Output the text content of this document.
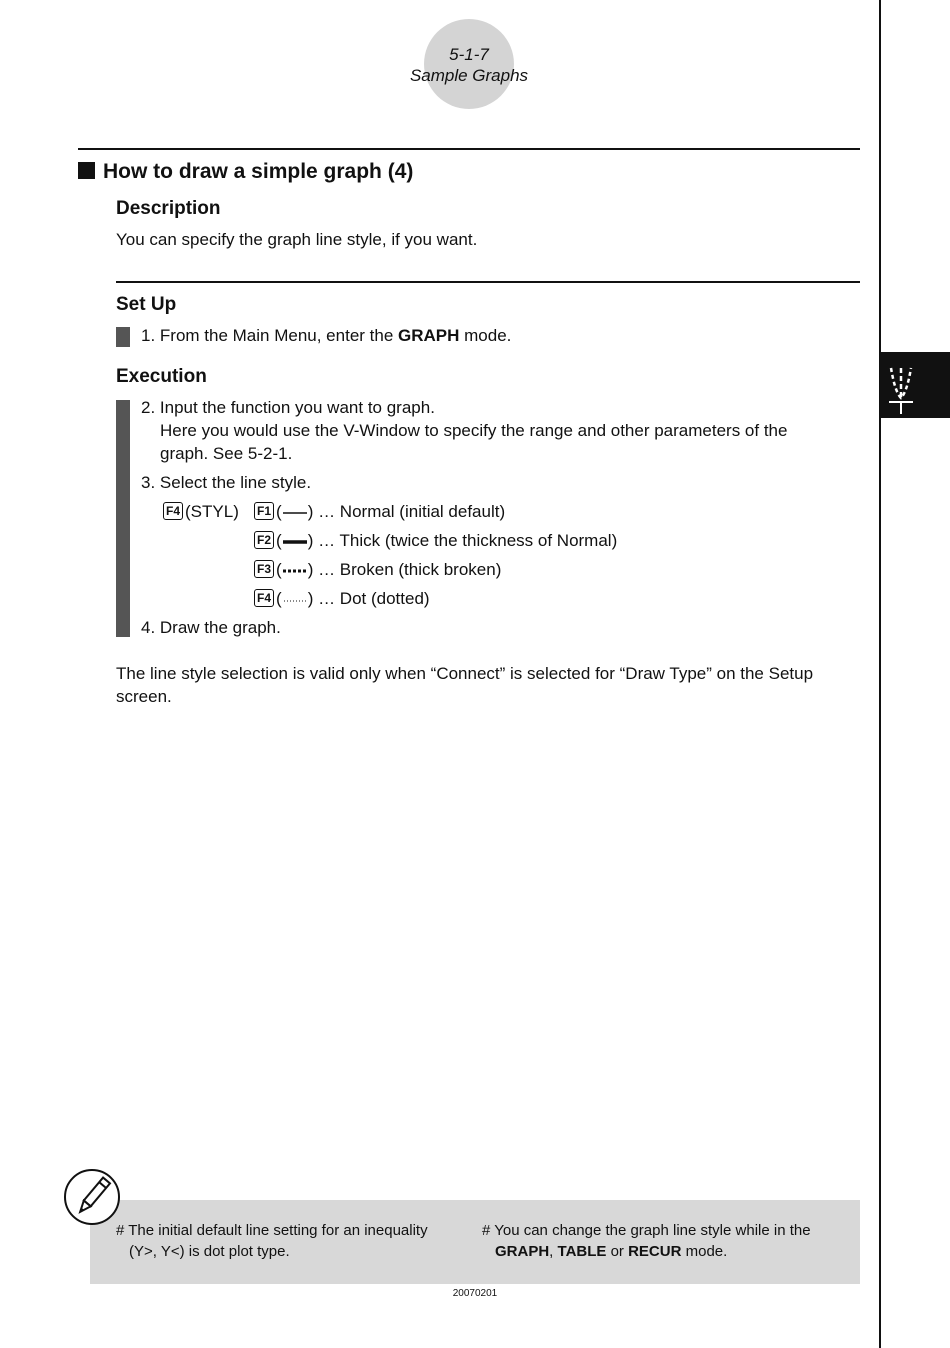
5-1-7
Sample Graphs
How to draw a simple graph (4)
Description
You can specify the graph line style, if you want.
Set Up
1. From the Main Menu, enter the GRAPH mode.
Execution
2. Input the function you want to graph.
Here you would use the V-Window to specify the range and other parameters of the
graph. See 5-2-1.
3. Select the line style.
F4 (STYL) F1 ( ) … Normal (initial default)
F2 ( ) … Thick (twice the thickness of Normal)
F3 ( ) … Broken (thick broken)
F4 ( ) … Dot (dotted)
4. Draw the graph.
The line style selection is valid only when “Connect” is selected for “Draw Type” on the Setup
screen.
# The initial default line setting for an inequality
(Y>, Y<) is dot plot type.
# You can change the graph line style while in the
GRAPH, TABLE or RECUR mode.
20070201
